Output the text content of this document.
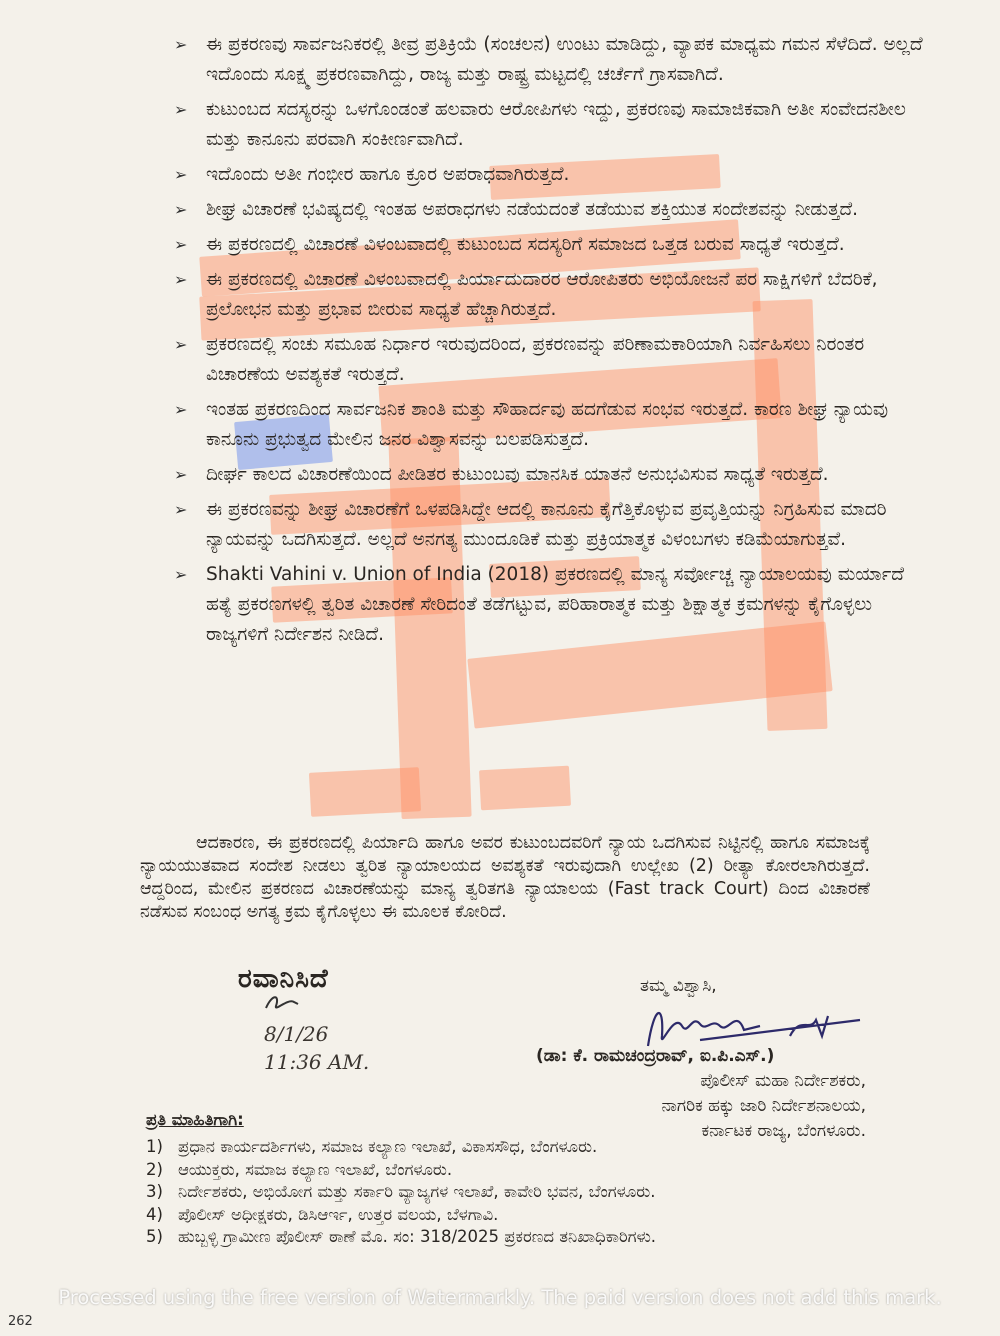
➢ ಈ ಪ್ರಕರಣವು ಸಾರ್ವಜನಿಕರಲ್ಲಿ ತೀವ್ರ ಪ್ರತಿಕ್ರಿಯೆ (ಸಂಚಲನ) ಉಂಟು ಮಾಡಿದ್ದು, ವ್ಯಾಪಕ ಮಾಧ್ಯಮ ಗಮನ ಸೆಳೆದಿದೆ. ಅಲ್ಲದೆ ಇದೊಂದು ಸೂಕ್ಷ್ಮ ಪ್ರಕರಣವಾಗಿದ್ದು, ರಾಜ್ಯ ಮತ್ತು ರಾಷ್ಟ್ರ ಮಟ್ಟದಲ್ಲಿ ಚರ್ಚೆಗೆ ಗ್ರಾಸವಾಗಿದೆ.
➢ ಕುಟುಂಬದ ಸದಸ್ಯರನ್ನು ಒಳಗೊಂಡಂತೆ ಹಲವಾರು ಆರೋಪಿಗಳು ಇದ್ದು, ಪ್ರಕರಣವು ಸಾಮಾಜಿಕವಾಗಿ ಅತೀ ಸಂವೇದನಶೀಲ ಮತ್ತು ಕಾನೂನು ಪರವಾಗಿ ಸಂಕೀರ್ಣವಾಗಿದೆ.
➢ ಇದೊಂದು ಅತೀ ಗಂಭೀರ ಹಾಗೂ ಕ್ರೂರ ಅಪರಾಧವಾಗಿರುತ್ತದೆ.
➢ ಶೀಘ್ರ ವಿಚಾರಣೆ ಭವಿಷ್ಯದಲ್ಲಿ ಇಂತಹ ಅಪರಾಧಗಳು ನಡೆಯದಂತೆ ತಡೆಯುವ ಶಕ್ತಿಯುತ ಸಂದೇಶವನ್ನು ನೀಡುತ್ತದೆ.
➢ ಈ ಪ್ರಕರಣದಲ್ಲಿ ವಿಚಾರಣೆ ವಿಳಂಬವಾದಲ್ಲಿ ಕುಟುಂಬದ ಸದಸ್ಯರಿಗೆ ಸಮಾಜದ ಒತ್ತಡ ಬರುವ ಸಾಧ್ಯತೆ ಇರುತ್ತದೆ.
➢ ಈ ಪ್ರಕರಣದಲ್ಲಿ ವಿಚಾರಣೆ ವಿಳಂಬವಾದಲ್ಲಿ ಪಿರ್ಯಾದುದಾರರ ಆರೋಪಿತರು ಅಭಿಯೋಜನೆ ಪರ ಸಾಕ್ಷಿಗಳಿಗೆ ಬೆದರಿಕೆ, ಪ್ರಲೋಭನ ಮತ್ತು ಪ್ರಭಾವ ಬೀರುವ ಸಾಧ್ಯತೆ ಹೆಚ್ಚಾಗಿರುತ್ತದೆ.
➢ ಪ್ರಕರಣದಲ್ಲಿ ಸಂಚು ಸಮೂಹ ನಿರ್ಧಾರ ಇರುವುದರಿಂದ, ಪ್ರಕರಣವನ್ನು ಪರಿಣಾಮಕಾರಿಯಾಗಿ ನಿರ್ವಹಿಸಲು ನಿರಂತರ ವಿಚಾರಣೆಯ ಅವಶ್ಯಕತೆ ಇರುತ್ತದೆ.
➢ ಇಂತಹ ಪ್ರಕರಣದಿಂದ ಸಾರ್ವಜನಿಕ ಶಾಂತಿ ಮತ್ತು ಸೌಹಾರ್ದವು ಹದಗೆಡುವ ಸಂಭವ ಇರುತ್ತದೆ. ಕಾರಣ ಶೀಘ್ರ ನ್ಯಾಯವು ಕಾನೂನು ಪ್ರಭುತ್ವದ ಮೇಲಿನ ಜನರ ವಿಶ್ವಾಸವನ್ನು ಬಲಪಡಿಸುತ್ತದೆ.
➢ ದೀರ್ಘ ಕಾಲದ ವಿಚಾರಣೆಯಿಂದ ಪೀಡಿತರ ಕುಟುಂಬವು ಮಾನಸಿಕ ಯಾತನೆ ಅನುಭವಿಸುವ ಸಾಧ್ಯತೆ ಇರುತ್ತದೆ.
➢ ಈ ಪ್ರಕರಣವನ್ನು ಶೀಘ್ರ ವಿಚಾರಣೆಗೆ ಒಳಪಡಿಸಿದ್ದೇ ಆದಲ್ಲಿ ಕಾನೂನು ಕೈಗೆತ್ತಿಕೊಳ್ಳುವ ಪ್ರವೃತ್ತಿಯನ್ನು ನಿಗ್ರಹಿಸುವ ಮಾದರಿ ನ್ಯಾಯವನ್ನು ಒದಗಿಸುತ್ತದೆ. ಅಲ್ಲದೆ ಅನಗತ್ಯ ಮುಂದೂಡಿಕೆ ಮತ್ತು ಪ್ರಕ್ರಿಯಾತ್ಮಕ ವಿಳಂಬಗಳು ಕಡಿಮೆಯಾಗುತ್ತವೆ.
➢ Shakti Vahini v. Union of India (2018) ಪ್ರಕರಣದಲ್ಲಿ ಮಾನ್ಯ ಸರ್ವೋಚ್ಚ ನ್ಯಾಯಾಲಯವು ಮರ್ಯಾದೆ ಹತ್ಯೆ ಪ್ರಕರಣಗಳಲ್ಲಿ ತ್ವರಿತ ವಿಚಾರಣೆ ಸೇರಿದಂತೆ ತಡೆಗಟ್ಟುವ, ಪರಿಹಾರಾತ್ಮಕ ಮತ್ತು ಶಿಕ್ಷಾತ್ಮಕ ಕ್ರಮಗಳನ್ನು ಕೈಗೊಳ್ಳಲು ರಾಜ್ಯಗಳಿಗೆ ನಿರ್ದೇಶನ ನೀಡಿದೆ.
ಆದಕಾರಣ, ಈ ಪ್ರಕರಣದಲ್ಲಿ ಪಿರ್ಯಾದಿ ಹಾಗೂ ಅವರ ಕುಟುಂಬದವರಿಗೆ ನ್ಯಾಯ ಒದಗಿಸುವ ನಿಟ್ಟಿನಲ್ಲಿ ಹಾಗೂ ಸಮಾಜಕ್ಕೆ ನ್ಯಾಯಯುತವಾದ ಸಂದೇಶ ನೀಡಲು ತ್ವರಿತ ನ್ಯಾಯಾಲಯದ ಅವಶ್ಯಕತೆ ಇರುವುದಾಗಿ ಉಲ್ಲೇಖ (2) ರೀತ್ಯಾ ಕೋರಲಾಗಿರುತ್ತದೆ. ಆದ್ದರಿಂದ, ಮೇಲಿನ ಪ್ರಕರಣದ ವಿಚಾರಣೆಯನ್ನು ಮಾನ್ಯ ತ್ವರಿತಗತಿ ನ್ಯಾಯಾಲಯ (Fast track Court) ದಿಂದ ವಿಚಾರಣೆ ನಡೆಸುವ ಸಂಬಂಧ ಅಗತ್ಯ ಕ್ರಮ ಕೈಗೊಳ್ಳಲು ಈ ಮೂಲಕ ಕೋರಿದೆ.
ರವಾನಿಸಿದೆ
8/1/26
11:36 AM.
ತಮ್ಮ ವಿಶ್ವಾಸಿ,
(ಡಾ: ಕೆ. ರಾಮಚಂದ್ರರಾವ್, ಐ.ಪಿ.ಎಸ್.)
ಪೊಲೀಸ್ ಮಹಾ ನಿರ್ದೇಶಕರು,
ನಾಗರಿಕ ಹಕ್ಕು ಜಾರಿ ನಿರ್ದೇಶನಾಲಯ,
ಕರ್ನಾಟಕ ರಾಜ್ಯ, ಬೆಂಗಳೂರು.
ಪ್ರತಿ ಮಾಹಿತಿಗಾಗಿ:
1) ಪ್ರಧಾನ ಕಾರ್ಯದರ್ಶಿಗಳು, ಸಮಾಜ ಕಲ್ಯಾಣ ಇಲಾಖೆ, ವಿಕಾಸಸೌಧ, ಬೆಂಗಳೂರು.
2) ಆಯುಕ್ತರು, ಸಮಾಜ ಕಲ್ಯಾಣ ಇಲಾಖೆ, ಬೆಂಗಳೂರು.
3) ನಿರ್ದೇಶಕರು, ಅಭಿಯೋಗ ಮತ್ತು ಸರ್ಕಾರಿ ವ್ಯಾಜ್ಯಗಳ ಇಲಾಖೆ, ಕಾವೇರಿ ಭವನ, ಬೆಂಗಳೂರು.
4) ಪೊಲೀಸ್ ಅಧೀಕ್ಷಕರು, ಡಿಸಿಆರ್ಇ, ಉತ್ತರ ವಲಯ, ಬೆಳಗಾವಿ.
5) ಹುಬ್ಬಳ್ಳಿ ಗ್ರಾಮೀಣ ಪೊಲೀಸ್ ಠಾಣೆ ಮೊ. ಸಂ: 318/2025 ಪ್ರಕರಣದ ತನಿಖಾಧಿಕಾರಿಗಳು.
Processed using the free version of Watermarkly. The paid version does not add this mark.
262
